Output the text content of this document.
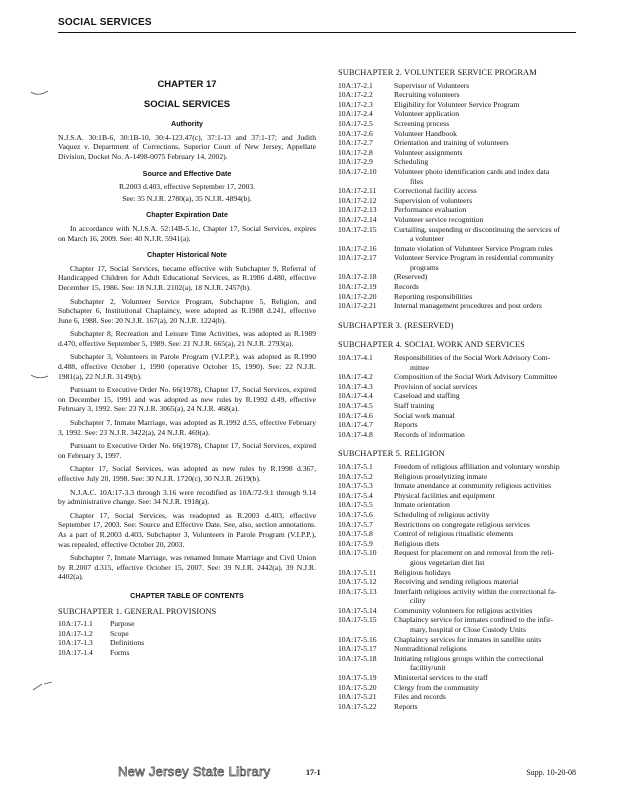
SOCIAL SERVICES
CHAPTER 17
SOCIAL SERVICES
Authority
N.J.S.A. 30:1B-6, 30:1B-10, 30:4-123.47(c), 37:1-13 and 37:1-17; and Judith Vaquez v. Department of Corrections, Superior Court of New Jersey, Appellate Division, Docket No. A-1498-0075 February 14, 2002).
Source and Effective Date
R.2003 d.403, effective September 17, 2003.
See: 35 N.J.R. 2780(a), 35 N.J.R. 4894(b).
Chapter Expiration Date
In accordance with N.J.S.A. 52:14B-5.1c, Chapter 17, Social Services, expires on March 16, 2009. See: 40 N.J.R. 5941(a).
Chapter Historical Note
Chapter 17, Social Services, became effective with Subchapter 9, Referral of Handicapped Children for Adult Educational Services, as R.1986 d.480, effective December 15, 1986. See: 18 N.J.R. 2102(a), 18 N.J.R. 2457(b).
Subchapter 2, Volunteer Service Program, Subchapter 5, Religion, and Subchapter 6, Institutional Chaplaincy, were adopted as R.1988 d.241, effective June 6, 1988. See: 20 N.J.R. 167(a), 20 N.J.R. 1224(b).
Subchapter 8, Recreation and Leisure Time Activities, was adopted as R.1989 d.470, effective September 5, 1989. See: 21 N.J.R. 665(a), 21 N.J.R. 2793(a).
Subchapter 3, Volunteers in Parole Program (V.I.P.P.), was adopted as R.1990 d.488, effective October 1, 1990 (operative October 15, 1990). See: 22 N.J.R. 1981(a), 22 N.J.R. 3149(b).
Pursuant to Executive Order No. 66(1978), Chapter 17, Social Services, expired on December 15, 1991 and was adopted as new rules by R.1992 d.49, effective February 3, 1992. See: 23 N.J.R. 3065(a), 24 N.J.R. 468(a).
Subchapter 7, Inmate Marriage, was adopted as R.1992 d.55, effective February 3, 1992. See: 23 N.J.R. 3422(a), 24 N.J.R. 469(a).
Pursuant to Executive Order No. 66(1978), Chapter 17, Social Services, expired on February 3, 1997.
Chapter 17, Social Services, was adopted as new rules by R.1998 d.367, effective July 20, 1998. See: 30 N.J.R. 1720(c), 30 N.J.R. 2619(b).
N.J.A.C. 10A:17-3.3 through 3.16 were recodified as 10A:72-9.1 through 9.14 by administrative change. See: 34 N.J.R. 1918(a).
Chapter 17, Social Services, was readopted as R.2003 d.403, effective September 17, 2003. See: Source and Effective Date. See, also, section annotations. As a part of R.2003 d.403, Subchapter 3, Volunteers in Parole Program (V.I.P.P.), was repealed, effective October 20, 2003.
Subchapter 7, Inmate Marriage, was renamed Inmate Marriage and Civil Union by R.2007 d.315, effective October 15, 2007. See: 39 N.J.R. 2442(a), 39 N.J.R. 4402(a).
CHAPTER TABLE OF CONTENTS
SUBCHAPTER 1. GENERAL PROVISIONS
10A:17-1.1	Purpose
10A:17-1.2	Scope
10A:17-1.3	Definitions
10A:17-1.4	Forms
SUBCHAPTER 2. VOLUNTEER SERVICE PROGRAM
10A:17-2.1	Supervisor of Volunteers
10A:17-2.2	Recruiting volunteers
10A:17-2.3	Eligibility for Volunteer Service Program
10A:17-2.4	Volunteer application
10A:17-2.5	Screening process
10A:17-2.6	Volunteer Handbook
10A:17-2.7	Orientation and training of volunteers
10A:17-2.8	Volunteer assignments
10A:17-2.9	Scheduling
10A:17-2.10	Volunteer photo identification cards and index data
files
10A:17-2.11	Correctional facility access
10A:17-2.12	Supervision of volunteers
10A:17-2.13	Performance evaluation
10A:17-2.14	Volunteer service recognition
10A:17-2.15	Curtailing, suspending or discontinuing the services of
a volunteer
10A:17-2.16	Inmate violation of Volunteer Service Program rules
10A:17-2.17	Volunteer Service Program in residential community
programs
10A:17-2.18	(Reserved)
10A:17-2.19	Records
10A:17-2.20	Reporting responsibilities
10A:17-2.21	Internal management procedures and post orders
SUBCHAPTER 3. (RESERVED)
SUBCHAPTER 4. SOCIAL WORK AND SERVICES
10A:17-4.1	Responsibilities of the Social Work Advisory Com-
mittee
10A:17-4.2	Composition of the Social Work Advisory Committee
10A:17-4.3	Provision of social services
10A:17-4.4	Caseload and staffing
10A:17-4.5	Staff training
10A:17-4.6	Social work manual
10A:17-4.7	Reports
10A:17-4.8	Records of information
SUBCHAPTER 5. RELIGION
10A:17-5.1	Freedom of religious affiliation and voluntary worship
10A:17-5.2	Religious proselytizing inmate
10A:17-5.3	Inmate attendance at community religious activities
10A:17-5.4	Physical facilities and equipment
10A:17-5.5	Inmate orientation
10A:17-5.6	Scheduling of religious activity
10A:17-5.7	Restrictions on congregate religious services
10A:17-5.8	Control of religious ritualistic elements
10A:17-5.9	Religious diets
10A:17-5.10	Request for placement on and removal from the reli-
gious vegetarian diet list
10A:17-5.11	Religious holidays
10A:17-5.12	Receiving and sending religious material
10A:17-5.13	Interfaith religious activity within the correctional fa-
cility
10A:17-5.14	Community volunteers for religious activities
10A:17-5.15	Chaplaincy service for inmates confined to the infir-
mary, hospital or Close Custody Units
10A:17-5.16	Chaplaincy services for inmates in satellite units
10A:17-5.17	Nontraditional religions
10A:17-5.18	Initiating religious groups within the correctional
facility/unit
10A:17-5.19	Ministerial services to the staff
10A:17-5.20	Clergy from the community
10A:17-5.21	Files and records
10A:17-5.22	Reports
New Jersey State Library	17-1	Supp. 10-20-08
